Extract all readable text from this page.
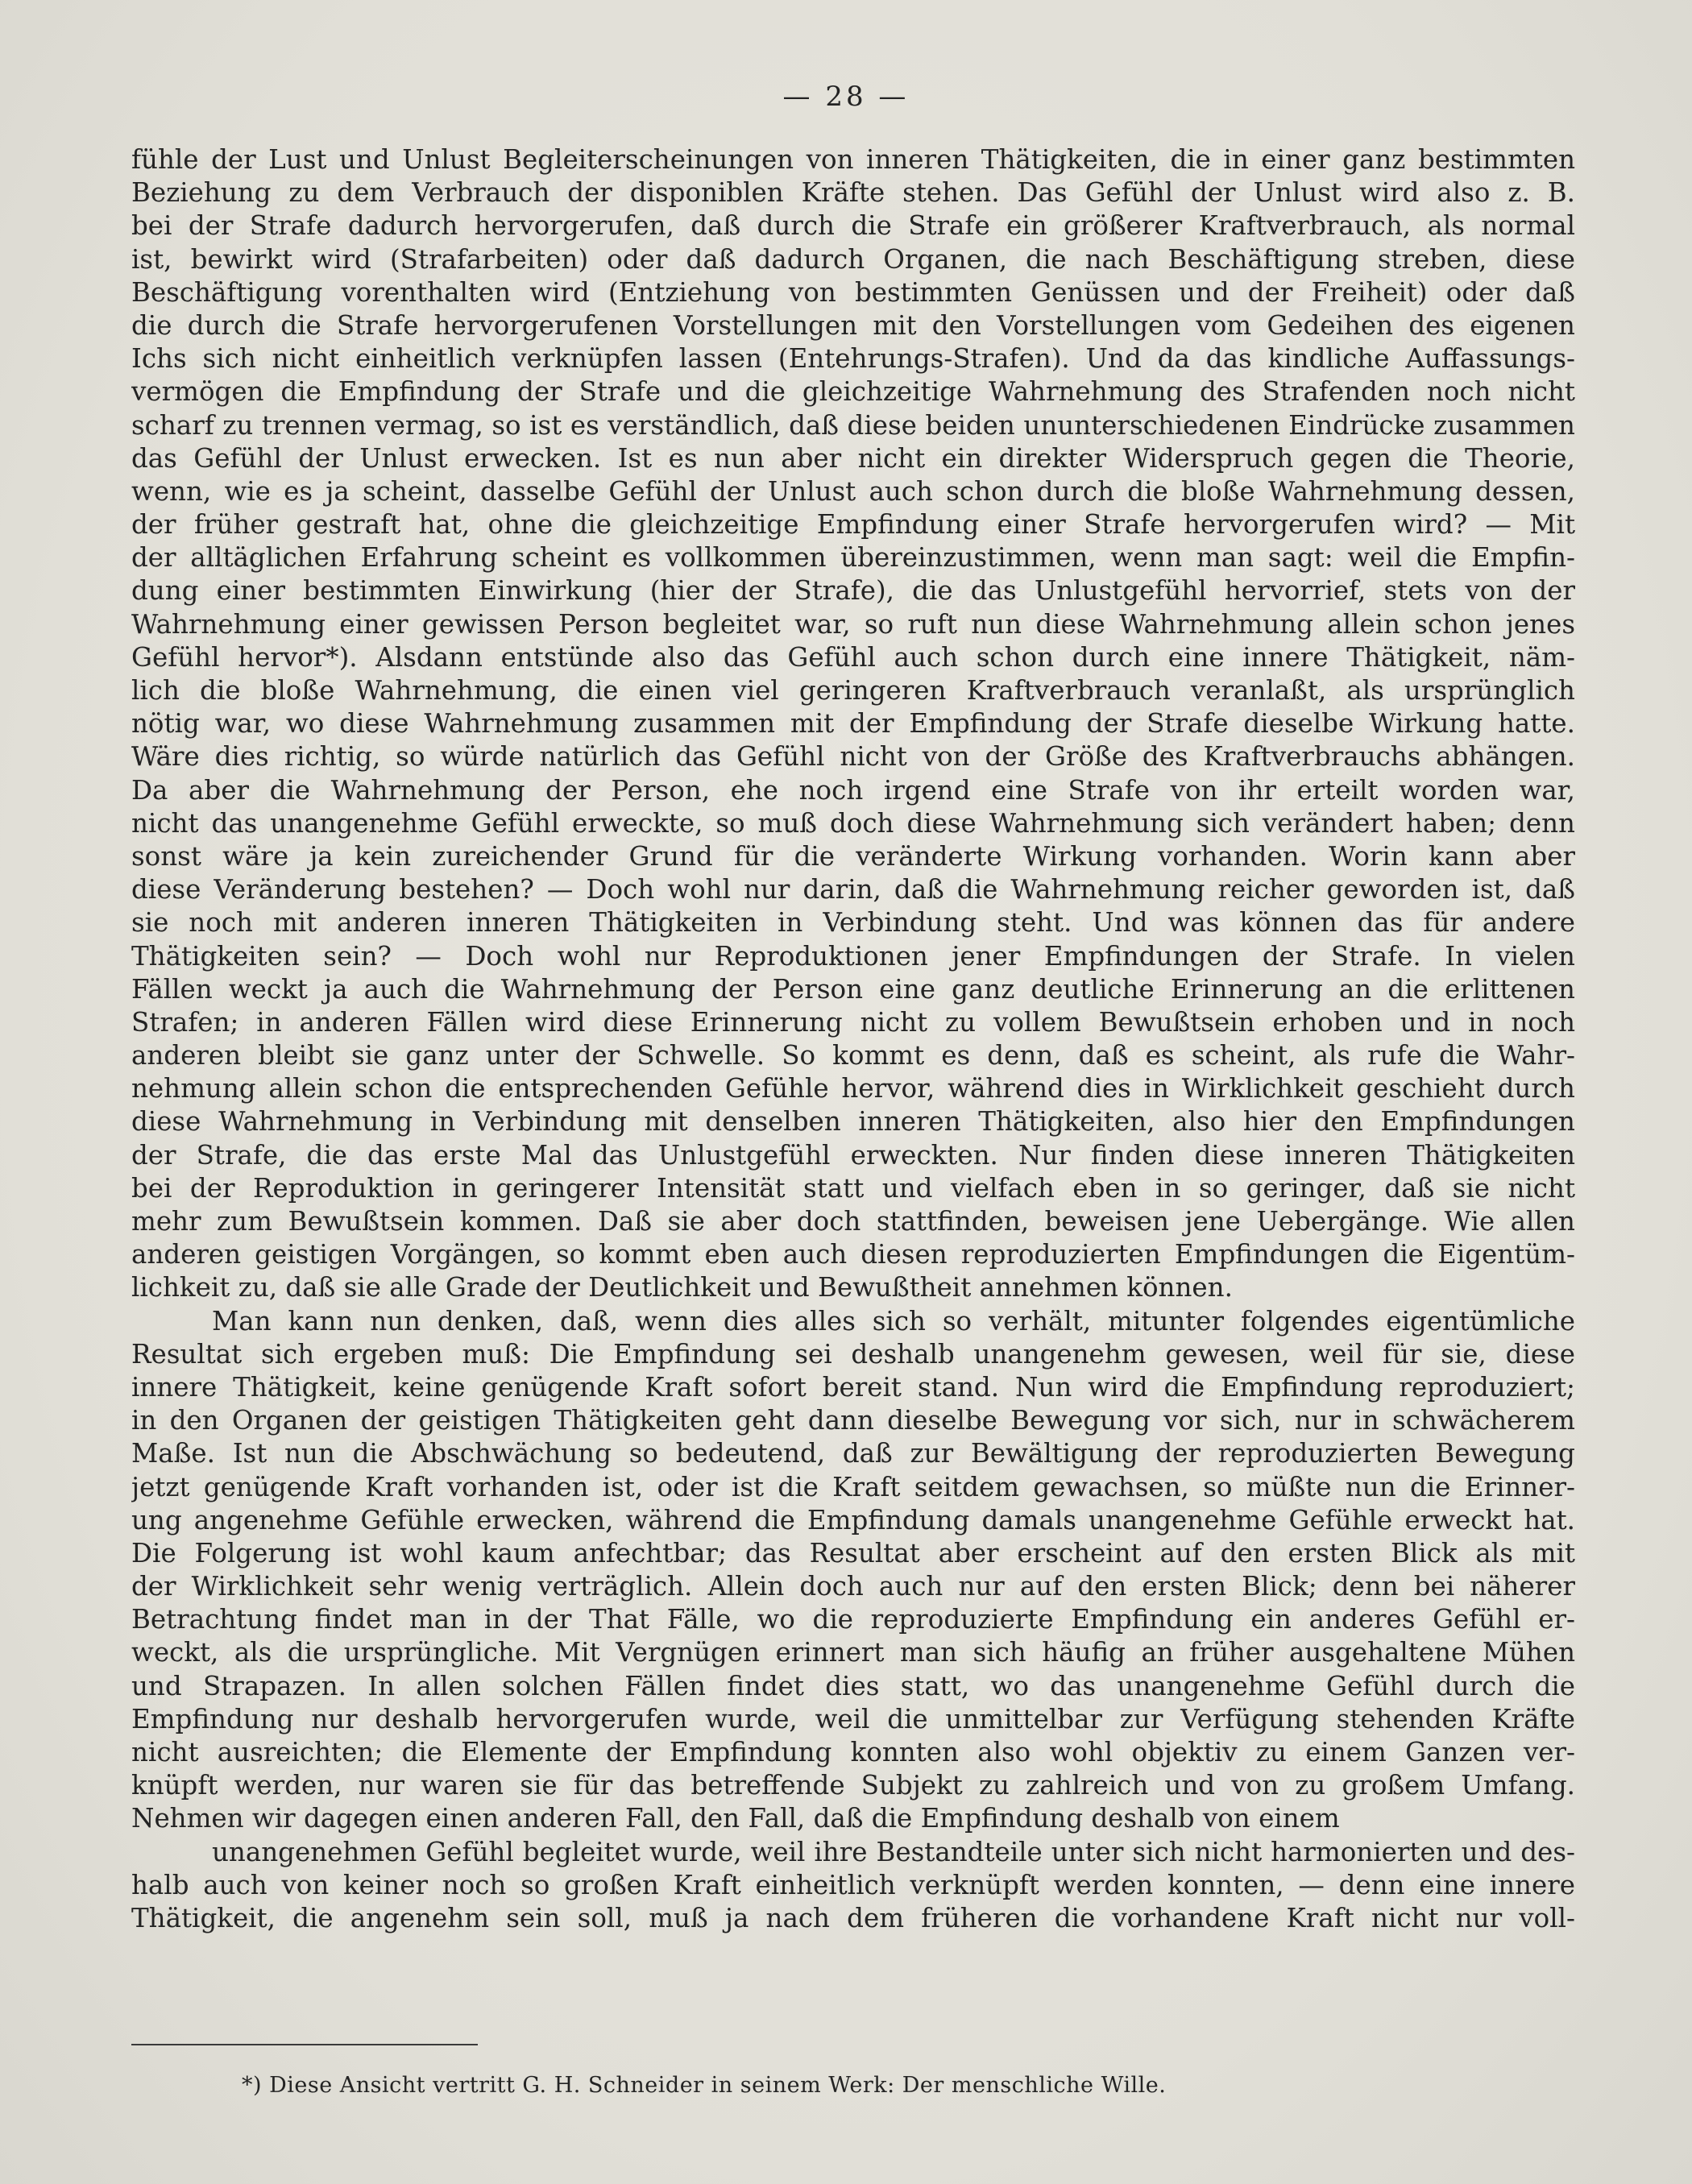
— 28 —
fühle der Lust und Unlust Begleiterscheinungen von inneren Thätigkeiten, die in einer ganz bestimmten
Beziehung zu dem Verbrauch der disponiblen Kräfte stehen. Das Gefühl der Unlust wird also z. B.
bei der Strafe dadurch hervorgerufen, daß durch die Strafe ein größerer Kraftverbrauch, als normal
ist, bewirkt wird (Strafarbeiten) oder daß dadurch Organen, die nach Beschäftigung streben, diese
Beschäftigung vorenthalten wird (Entziehung von bestimmten Genüssen und der Freiheit) oder daß
die durch die Strafe hervorgerufenen Vorstellungen mit den Vorstellungen vom Gedeihen des eigenen
Ichs sich nicht einheitlich verknüpfen lassen (Entehrungs-Strafen). Und da das kindliche Auffassungs-
vermögen die Empfindung der Strafe und die gleichzeitige Wahrnehmung des Strafenden noch nicht
scharf zu trennen vermag, so ist es verständlich, daß diese beiden ununterschiedenen Eindrücke zusammen
das Gefühl der Unlust erwecken. Ist es nun aber nicht ein direkter Widerspruch gegen die Theorie,
wenn, wie es ja scheint, dasselbe Gefühl der Unlust auch schon durch die bloße Wahrnehmung dessen,
der früher gestraft hat, ohne die gleichzeitige Empfindung einer Strafe hervorgerufen wird? — Mit
der alltäglichen Erfahrung scheint es vollkommen übereinzustimmen, wenn man sagt: weil die Empfin-
dung einer bestimmten Einwirkung (hier der Strafe), die das Unlustgefühl hervorrief, stets von der
Wahrnehmung einer gewissen Person begleitet war, so ruft nun diese Wahrnehmung allein schon jenes
Gefühl hervor*). Alsdann entstünde also das Gefühl auch schon durch eine innere Thätigkeit, näm-
lich die bloße Wahrnehmung, die einen viel geringeren Kraftverbrauch veranlaßt, als ursprünglich
nötig war, wo diese Wahrnehmung zusammen mit der Empfindung der Strafe dieselbe Wirkung hatte.
Wäre dies richtig, so würde natürlich das Gefühl nicht von der Größe des Kraftverbrauchs abhängen.
Da aber die Wahrnehmung der Person, ehe noch irgend eine Strafe von ihr erteilt worden war,
nicht das unangenehme Gefühl erweckte, so muß doch diese Wahrnehmung sich verändert haben; denn
sonst wäre ja kein zureichender Grund für die veränderte Wirkung vorhanden. Worin kann aber
diese Veränderung bestehen? — Doch wohl nur darin, daß die Wahrnehmung reicher geworden ist, daß
sie noch mit anderen inneren Thätigkeiten in Verbindung steht. Und was können das für andere
Thätigkeiten sein? — Doch wohl nur Reproduktionen jener Empfindungen der Strafe. In vielen
Fällen weckt ja auch die Wahrnehmung der Person eine ganz deutliche Erinnerung an die erlittenen
Strafen; in anderen Fällen wird diese Erinnerung nicht zu vollem Bewußtsein erhoben und in noch
anderen bleibt sie ganz unter der Schwelle. So kommt es denn, daß es scheint, als rufe die Wahr-
nehmung allein schon die entsprechenden Gefühle hervor, während dies in Wirklichkeit geschieht durch
diese Wahrnehmung in Verbindung mit denselben inneren Thätigkeiten, also hier den Empfindungen
der Strafe, die das erste Mal das Unlustgefühl erweckten. Nur finden diese inneren Thätigkeiten
bei der Reproduktion in geringerer Intensität statt und vielfach eben in so geringer, daß sie nicht
mehr zum Bewußtsein kommen. Daß sie aber doch stattfinden, beweisen jene Uebergänge. Wie allen
anderen geistigen Vorgängen, so kommt eben auch diesen reproduzierten Empfindungen die Eigentüm-
lichkeit zu, daß sie alle Grade der Deutlichkeit und Bewußtheit annehmen können.
Man kann nun denken, daß, wenn dies alles sich so verhält, mitunter folgendes eigentümliche
Resultat sich ergeben muß: Die Empfindung sei deshalb unangenehm gewesen, weil für sie, diese
innere Thätigkeit, keine genügende Kraft sofort bereit stand. Nun wird die Empfindung reproduziert;
in den Organen der geistigen Thätigkeiten geht dann dieselbe Bewegung vor sich, nur in schwächerem
Maße. Ist nun die Abschwächung so bedeutend, daß zur Bewältigung der reproduzierten Bewegung
jetzt genügende Kraft vorhanden ist, oder ist die Kraft seitdem gewachsen, so müßte nun die Erinner-
ung angenehme Gefühle erwecken, während die Empfindung damals unangenehme Gefühle erweckt hat.
Die Folgerung ist wohl kaum anfechtbar; das Resultat aber erscheint auf den ersten Blick als mit
der Wirklichkeit sehr wenig verträglich. Allein doch auch nur auf den ersten Blick; denn bei näherer
Betrachtung findet man in der That Fälle, wo die reproduzierte Empfindung ein anderes Gefühl er-
weckt, als die ursprüngliche. Mit Vergnügen erinnert man sich häufig an früher ausgehaltene Mühen
und Strapazen. In allen solchen Fällen findet dies statt, wo das unangenehme Gefühl durch die
Empfindung nur deshalb hervorgerufen wurde, weil die unmittelbar zur Verfügung stehenden Kräfte
nicht ausreichten; die Elemente der Empfindung konnten also wohl objektiv zu einem Ganzen ver-
knüpft werden, nur waren sie für das betreffende Subjekt zu zahlreich und von zu großem Umfang.
Nehmen wir dagegen einen anderen Fall, den Fall, daß die Empfindung deshalb von einem
unangenehmen Gefühl begleitet wurde, weil ihre Bestandteile unter sich nicht harmonierten und des-
halb auch von keiner noch so großen Kraft einheitlich verknüpft werden konnten, — denn eine innere
Thätigkeit, die angenehm sein soll, muß ja nach dem früheren die vorhandene Kraft nicht nur voll-
*) Diese Ansicht vertritt G. H. Schneider in seinem Werk: Der menschliche Wille.
